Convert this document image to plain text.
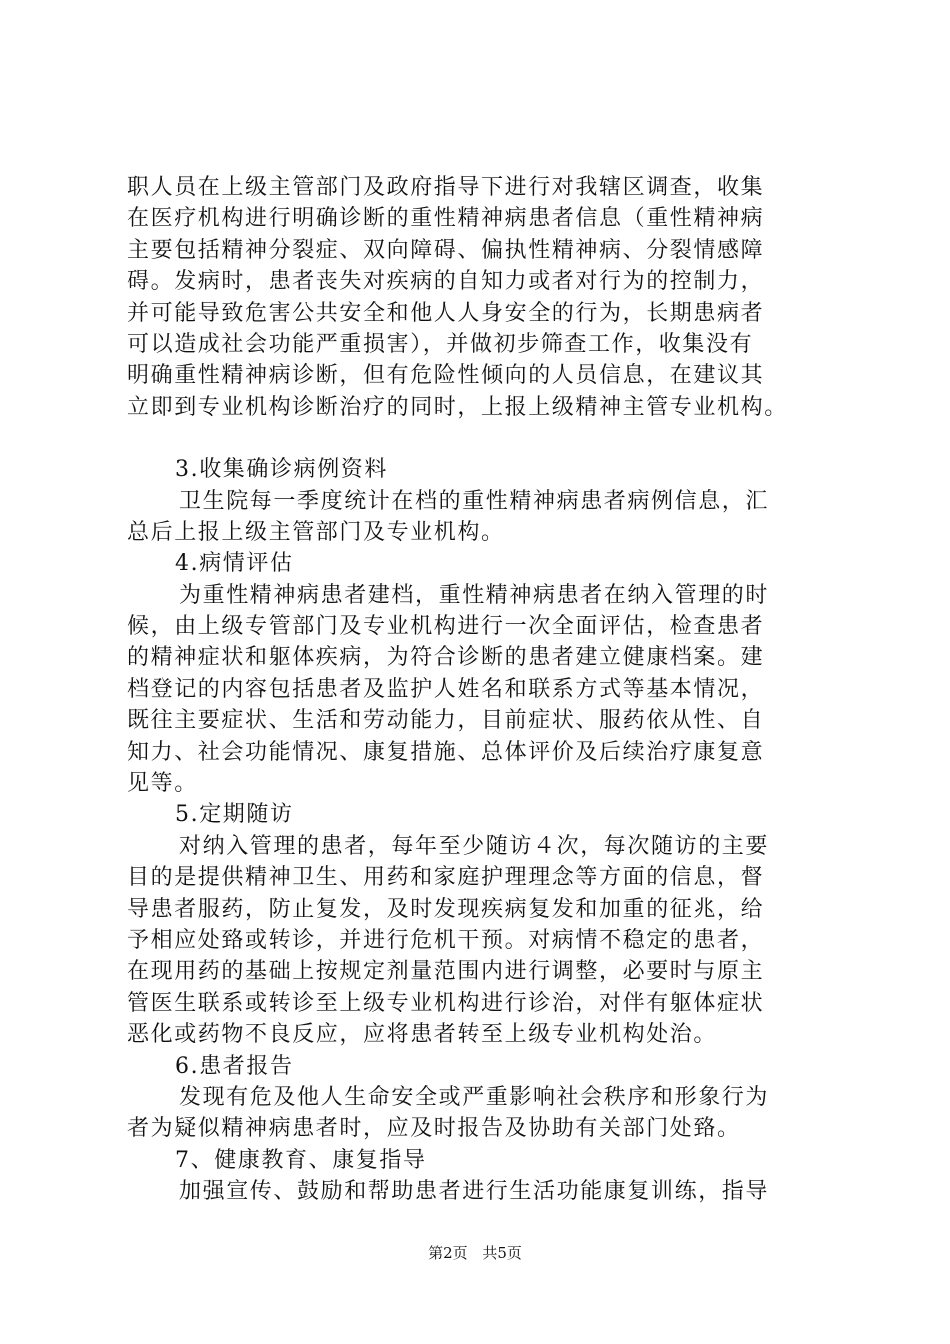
职人员在上级主管部门及政府指导下进行对我辖区调查，收集
在医疗机构进行明确诊断的重性精神病患者信息（重性精神病
主要包括精神分裂症、双向障碍、偏执性精神病、分裂情感障
碍。发病时，患者丧失对疾病的自知力或者对行为的控制力，
并可能导致危害公共安全和他人人身安全的行为，长期患病者
可以造成社会功能严重损害），并做初步筛查工作，收集没有
明确重性精神病诊断，但有危险性倾向的人员信息，在建议其
立即到专业机构诊断治疗的同时，上报上级精神主管专业机构。
3.收集确诊病例资料
卫生院每一季度统计在档的重性精神病患者病例信息，汇
总后上报上级主管部门及专业机构。
4.病情评估
为重性精神病患者建档，重性精神病患者在纳入管理的时
候，由上级专管部门及专业机构进行一次全面评估，检查患者
的精神症状和躯体疾病，为符合诊断的患者建立健康档案。建
档登记的内容包括患者及监护人姓名和联系方式等基本情况，
既往主要症状、生活和劳动能力，目前症状、服药依从性、自
知力、社会功能情况、康复措施、总体评价及后续治疗康复意
见等。
5.定期随访
对纳入管理的患者，每年至少随访４次，每次随访的主要
目的是提供精神卫生、用药和家庭护理理念等方面的信息，督
导患者服药，防止复发，及时发现疾病复发和加重的征兆，给
予相应处臵或转诊，并进行危机干预。对病情不稳定的患者，
在现用药的基础上按规定剂量范围内进行调整，必要时与原主
管医生联系或转诊至上级专业机构进行诊治，对伴有躯体症状
恶化或药物不良反应，应将患者转至上级专业机构处治。
6.患者报告
发现有危及他人生命安全或严重影响社会秩序和形象行为
者为疑似精神病患者时，应及时报告及协助有关部门处臵。
7、健康教育、康复指导
加强宣传、鼓励和帮助患者进行生活功能康复训练，指导
第2页 共5页
